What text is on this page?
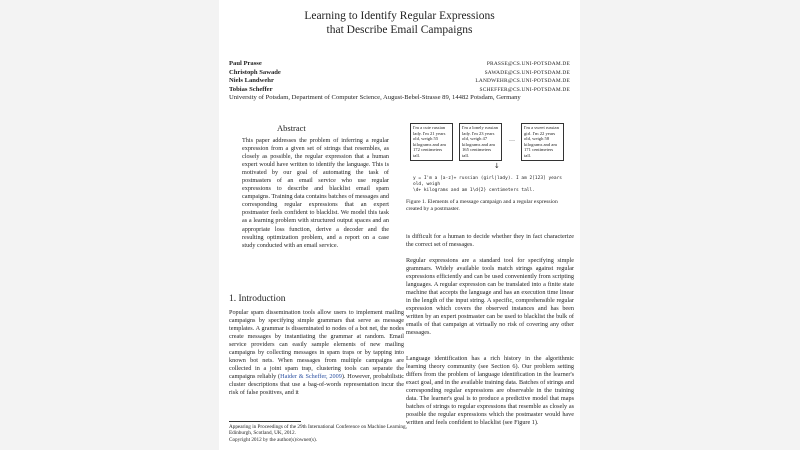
Learning to Identify Regular Expressions
that Describe Email Campaigns
Paul Prasse	PRASSE@CS.UNI-POTSDAM.DE
Christoph Sawade	SAWADE@CS.UNI-POTSDAM.DE
Niels Landwehr	LANDWEHR@CS.UNI-POTSDAM.DE
Tobias Scheffer	SCHEFFER@CS.UNI-POTSDAM.DE
University of Potsdam, Department of Computer Science, August-Bebel-Strasse 89, 14482 Potsdam, Germany
Abstract

This paper addresses the problem of inferring a regular expression from a given set of strings that resembles, as closely as possible, the regular expression that a human expert would have written to identify the language. This is motivated by our goal of automating the task of postmasters of an email service who use regular expressions to describe and blacklist email spam campaigns. Training data contains batches of messages and corresponding regular expressions that an expert postmaster feels confident to blacklist. We model this task as a learning problem with structured output spaces and an appropriate loss function, derive a decoder and the resulting optimization problem, and a report on a case study conducted with an email service.

1. Introduction

Popular spam dissemination tools allow users to implement mailing campaigns by specifying simple grammars that serve as message templates. A grammar is disseminated to nodes of a bot net, the nodes create messages by instantiating the grammar at random. Email service providers can easily sample elements of new mailing campaigns by collecting messages in spam traps or by tapping into known bot nets. When messages from multiple campaigns are collected in a joint spam trap, clustering tools can separate the campaigns reliably (Haider & Scheffer, 2009). However, probabilistic cluster descriptions that use a bag-of-words representation incur the risk of false positives, and it

Appearing in Proceedings of the 29th International Conference on Machine Learning, Edinburgh, Scotland, UK, 2012.
Copyright 2012 by the author(s)/owner(s).
I'm a cute russian lady. I'm 21 years old, weigh 55 kilograms and am 172 centimeters tall.
I'm a lonely russian lady. I'm 23 years old, weigh 47 kilograms and am 165 centimeters tall.
…
I'm a sweet russian girl. I'm 22 years old, weigh 58 kilograms and am 171 centimeters tall.
↓
y = I'm a [a-z]+ russian (girl|lady). I am 2[123] years old, weigh
\d+ kilograms and am 1\d{2} centimeters tall.
Figure 1. Elements of a message campaign and a regular expression created by a postmaster.

is difficult for a human to decide whether they in fact characterize the correct set of messages.

Regular expressions are a standard tool for specifying simple grammars. Widely available tools match strings against regular expressions efficiently and can be used conveniently from scripting languages. A regular expression can be translated into a finite state machine that accepts the language and has an execution time linear in the length of the input string. A specific, comprehensible regular expression which covers the observed instances and has been written by an expert postmaster can be used to blacklist the bulk of emails of that campaign at virtually no risk of covering any other messages.

Language identification has a rich history in the algorithmic learning theory community (see Section 6). Our problem setting differs from the problem of language identification in the learner's exact goal, and in the available training data. Batches of strings and corresponding regular expressions are observable in the training data. The learner's goal is to produce a predictive model that maps batches of strings to regular expressions that resemble as closely as possible the regular expressions which the postmaster would have written and feels confident to blacklist (see Figure 1).
